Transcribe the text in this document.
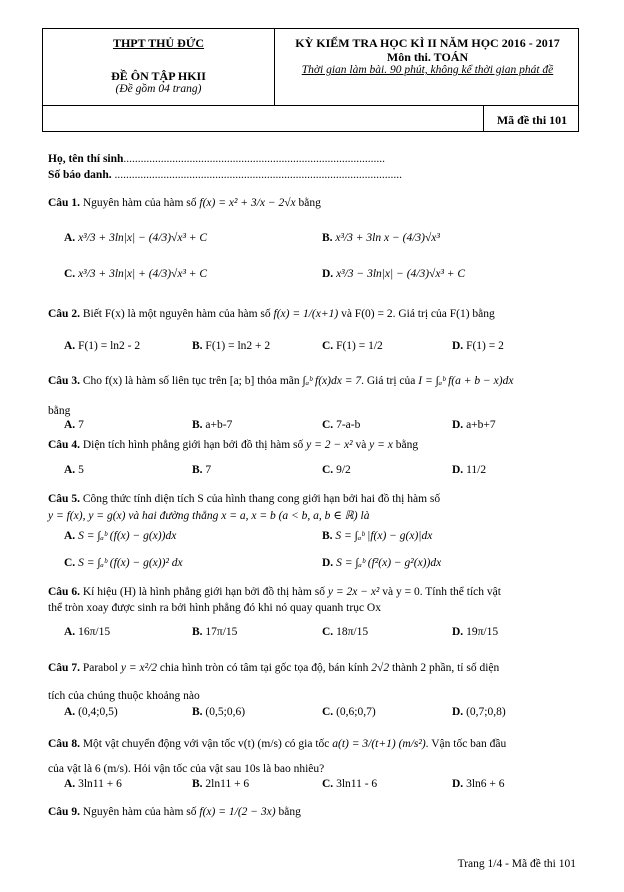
THPT THỦ ĐỨC
ĐỀ ÔN TẬP HKII
(Đề gồm 04 trang)
KỲ KIỂM TRA HỌC KÌ II NĂM HỌC 2016 - 2017
Môn thi. TOÁN
Thời gian làm bài. 90 phút, không kể thời gian phát đề
Mã đề thi 101
Họ, tên thí sinh...........................................................................................
Số báo danh. ....................................................................................................
Câu 1. Nguyên hàm của hàm số f(x) = x² + 3/x − 2√x bằng
A. x³/3 + 3ln|x| − (4/3)√x³ + C	B. x³/3 + 3ln x − (4/3)√x³
C. x³/3 + 3ln|x| + (4/3)√x³ + C	D. x³/3 − 3ln|x| − (4/3)√x³ + C
Câu 2. Biết F(x) là một nguyên hàm của hàm số f(x) = 1/(x+1) và F(0) = 2. Giá trị của F(1) bằng
A. F(1) = ln2 - 2	B. F(1) = ln2 + 2	C. F(1) = 1/2	D. F(1) = 2
Câu 3. Cho f(x) là hàm số liên tục trên [a; b] thỏa mãn ∫ₐᵇ f(x)dx = 7. Giá trị của I = ∫ₐᵇ f(a + b − x)dx
bằng
A. 7	B. a+b-7	C. 7-a-b	D. a+b+7
Câu 4. Diện tích hình phẳng giới hạn bởi đồ thị hàm số y = 2 − x² và y = x bằng
A. 5	B. 7	C. 9/2	D. 11/2
Câu 5. Công thức tính diện tích S của hình thang cong giới hạn bởi hai đồ thị hàm số
y = f(x), y = g(x) và hai đường thẳng x = a, x = b (a < b, a, b ∈ ℝ) là
A. S = ∫ₐᵇ (f(x) − g(x))dx	B. S = ∫ₐᵇ |f(x) − g(x)|dx
C. S = ∫ₐᵇ (f(x) − g(x))² dx	D. S = ∫ₐᵇ (f²(x) − g²(x))dx
Câu 6. Kí hiệu (H) là hình phẳng giới hạn bởi đồ thị hàm số y = 2x − x² và y = 0. Tính thể tích vật
thể tròn xoay được sinh ra bởi hình phẳng đó khi nó quay quanh trục Ox
A. 16π/15	B. 17π/15	C. 18π/15	D. 19π/15
Câu 7. Parabol y = x²/2 chia hình tròn có tâm tại gốc tọa độ, bán kính 2√2 thành 2 phần, tỉ số diện
tích của chúng thuộc khoảng nào
A. (0,4;0,5)	B. (0,5;0,6)	C. (0,6;0,7)	D. (0,7;0,8)
Câu 8. Một vật chuyển động với vận tốc v(t) (m/s) có gia tốc a(t) = 3/(t+1) (m/s²). Vận tốc ban đầu
của vật là 6 (m/s). Hỏi vận tốc của vật sau 10s là bao nhiêu?
A. 3ln11 + 6	B. 2ln11 + 6	C. 3ln11 - 6	D. 3ln6 + 6
Câu 9. Nguyên hàm của hàm số f(x) = 1/(2 − 3x) bằng
Trang 1/4 - Mã đề thi 101
